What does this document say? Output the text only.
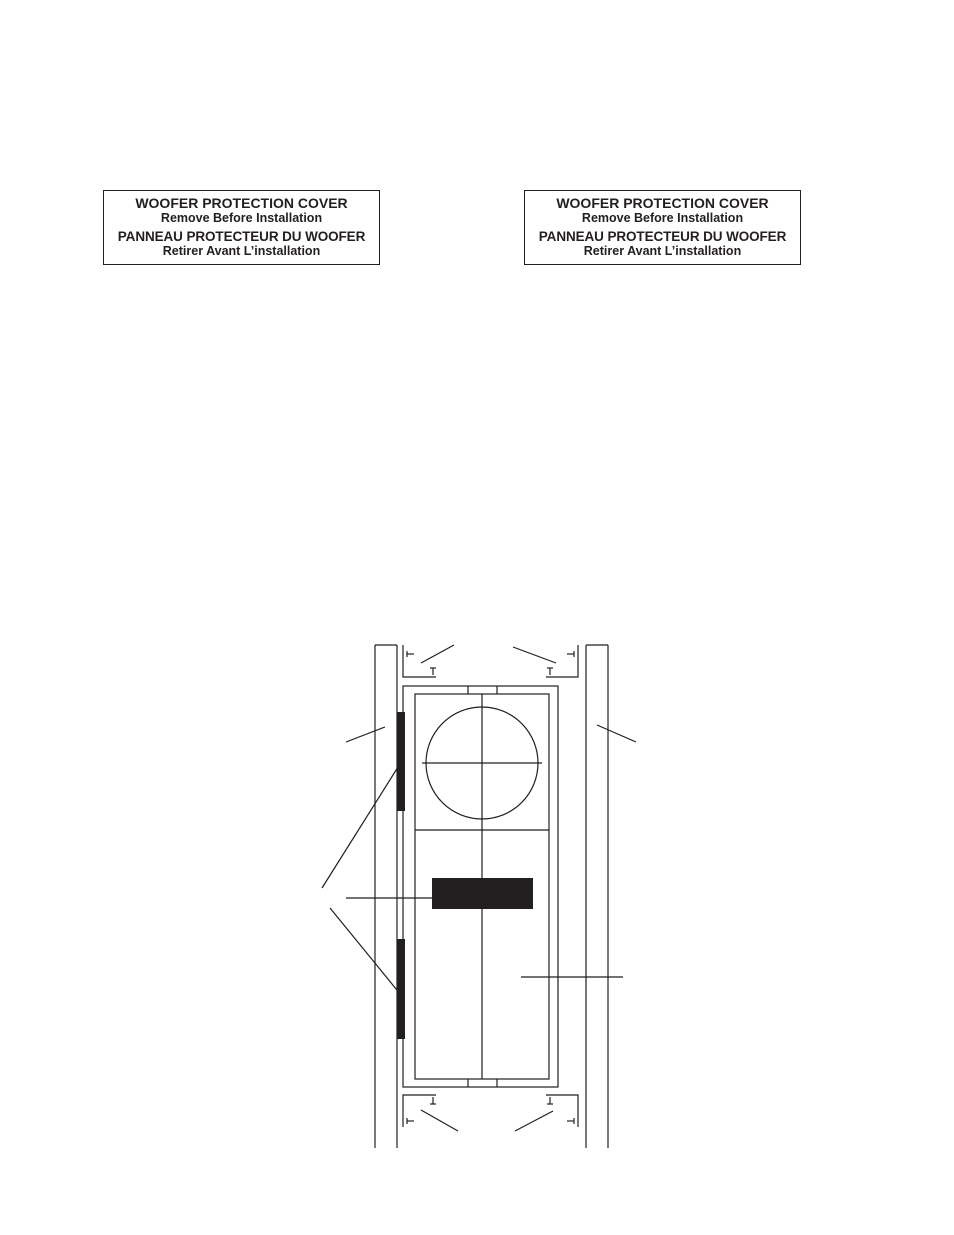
WOOFER PROTECTION COVER
Remove Before Installation
PANNEAU PROTECTEUR DU WOOFER
Retirer Avant L’installation
WOOFER PROTECTION COVER
Remove Before Installation
PANNEAU PROTECTEUR DU WOOFER
Retirer Avant L’installation
